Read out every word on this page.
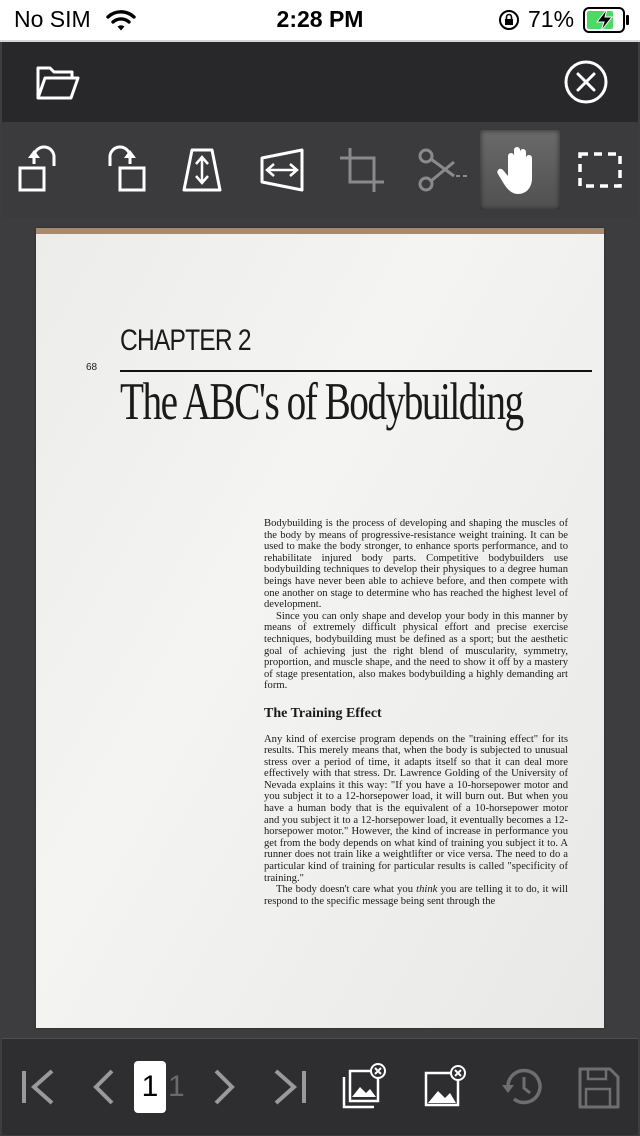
No SIM	2:28 PM	71%
CHAPTER 2
68
The ABC's of Bodybuilding

Bodybuilding is the process of developing and shaping the muscles of the body by means of progressive-resistance weight training. It can be used to make the body stronger, to enhance sports performance, and to rehabilitate injured body parts. Competitive bodybuilders use bodybuilding techniques to develop their physiques to a degree human beings have never been able to achieve before, and then compete with one another on stage to determine who has reached the highest level of development.

Since you can only shape and develop your body in this manner by means of extremely difficult physical effort and precise exercise techniques, bodybuilding must be defined as a sport; but the aesthetic goal of achieving just the right blend of muscularity, symmetry, proportion, and muscle shape, and the need to show it off by a mastery of stage presentation, also makes bodybuilding a highly demanding art form.

The Training Effect

Any kind of exercise program depends on the "training effect" for its results. This merely means that, when the body is subjected to unusual stress over a period of time, it adapts itself so that it can deal more effectively with that stress. Dr. Lawrence Golding of the University of Nevada explains it this way: "If you have a 10-horsepower motor and you subject it to a 12-horsepower load, it will burn out. But when you have a human body that is the equivalent of a 10-horsepower motor and you subject it to a 12-horsepower load, it eventually becomes a 12-horsepower motor." However, the kind of increase in performance you get from the body depends on what kind of training you subject it to. A runner does not train like a weightlifter or vice versa. The need to do a particular kind of training for particular results is called "specificity of training."

The body doesn't care what you think you are telling it to do, it will respond to the specific message being sent through the

1 1
